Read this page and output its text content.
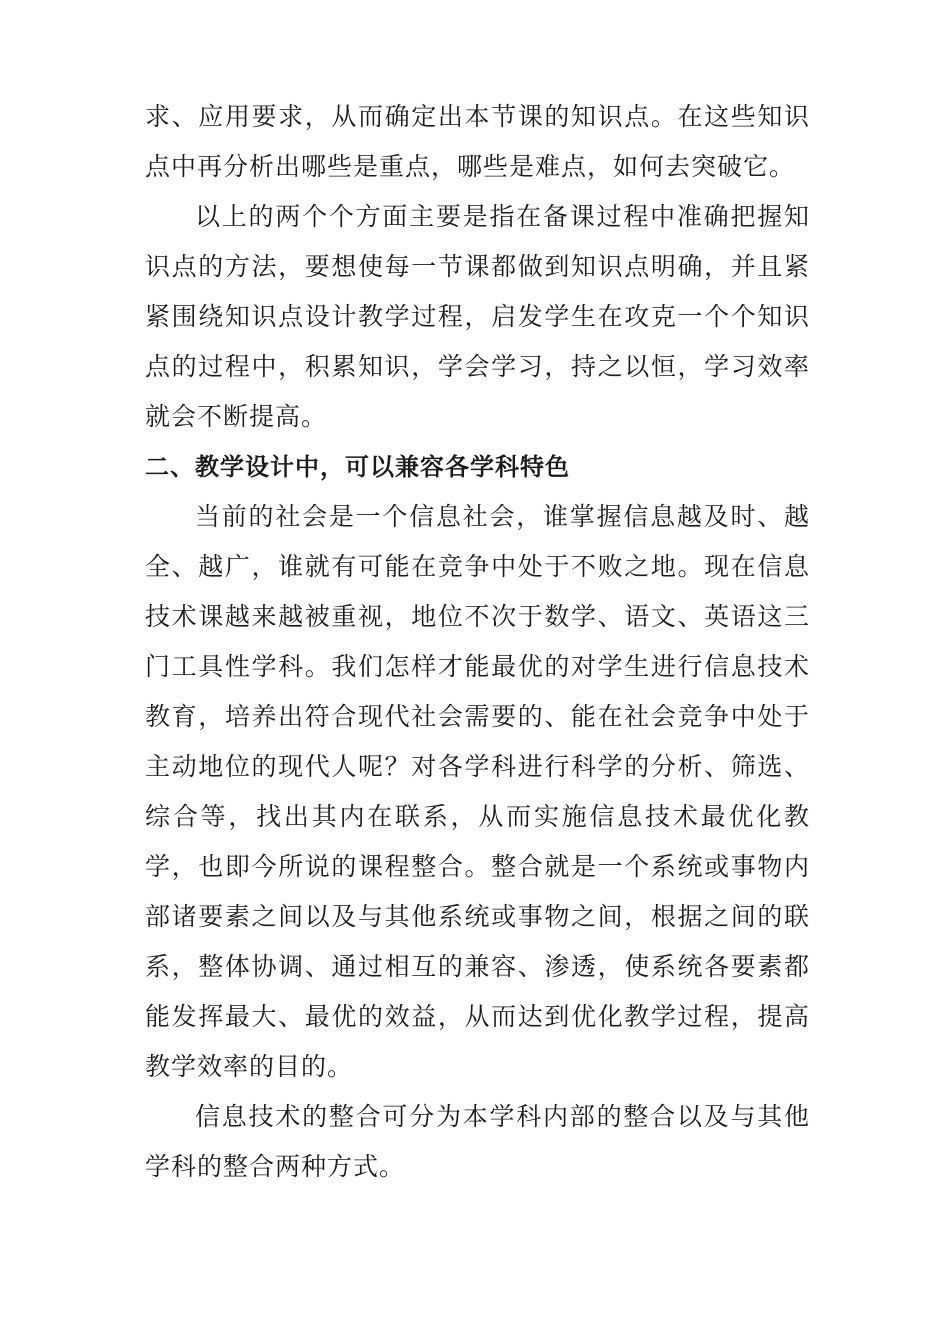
求、应用要求，从而确定出本节课的知识点。在这些知识点中再分析出哪些是重点，哪些是难点，如何去突破它。

以上的两个个方面主要是指在备课过程中准确把握知识点的方法，要想使每一节课都做到知识点明确，并且紧紧围绕知识点设计教学过程，启发学生在攻克一个个知识点的过程中，积累知识，学会学习，持之以恒，学习效率就会不断提高。

二、教学设计中，可以兼容各学科特色

当前的社会是一个信息社会，谁掌握信息越及时、越全、越广，谁就有可能在竞争中处于不败之地。现在信息技术课越来越被重视，地位不次于数学、语文、英语这三门工具性学科。我们怎样才能最优的对学生进行信息技术教育，培养出符合现代社会需要的、能在社会竞争中处于主动地位的现代人呢？对各学科进行科学的分析、筛选、综合等，找出其内在联系，从而实施信息技术最优化教学，也即今所说的课程整合。整合就是一个系统或事物内部诸要素之间以及与其他系统或事物之间，根据之间的联系，整体协调、通过相互的兼容、渗透，使系统各要素都能发挥最大、最优的效益，从而达到优化教学过程，提高教学效率的目的。

信息技术的整合可分为本学科内部的整合以及与其他学科的整合两种方式。
